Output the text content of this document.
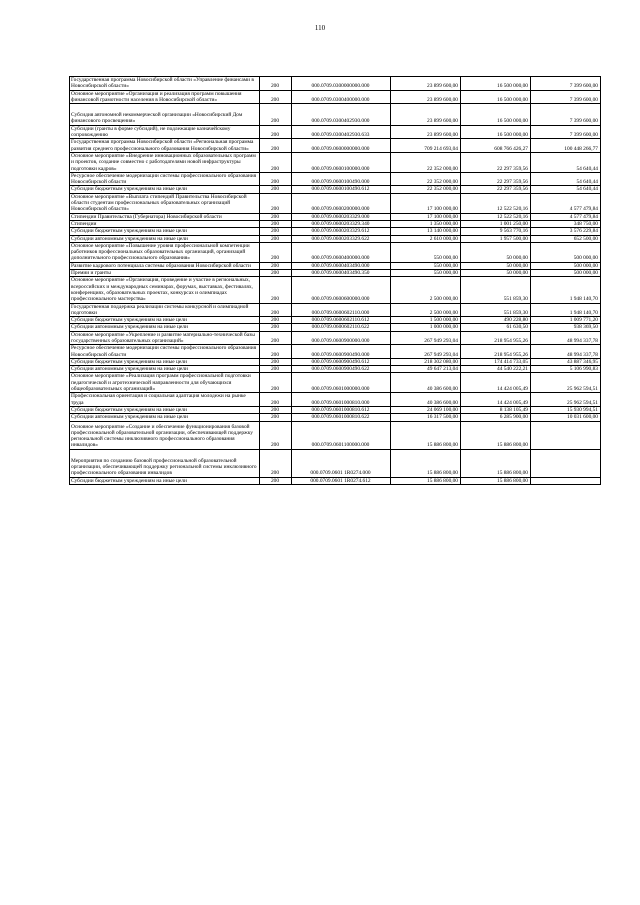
110
Государственная программа Новосибирской области «Управление финансами в Новосибирской области»	200	000.0709.0300000000.000	23 899 600,00	16 500 000,00	7 399 600,00
Основное мероприятие «Организация и реализация программ повышения финансовой грамотности населения в Новосибирской области»	200	000.0709.0300400000.000	23 899 600,00	16 500 000,00	7 399 600,00
Субсидия автономной некоммерческой организации «Новосибирский Дом финансового просвещения»	200	000.0709.0300402930.000	23 899 600,00	16 500 000,00	7 399 600,00
Субсидии (гранты в форме субсидий), не подлежащие казначейскому сопровождению	200	000.0709.0300402930.633	23 899 600,00	16 500 000,00	7 399 600,00
Государственная программа Новосибирской области «Региональная программа развития среднего профессионального образования Новосибирской области»	200	000.0709.0600000000.000	709 214 693,04	608 766 426,27	100 448 266,77
Основное мероприятие «Внедрение инновационных образовательных программ и проектов, создание совместно с работодателями новой инфраструктуры подготовки кадров»	200	000.0709.0600100000.000	22 352 000,00	22 297 359,56	54 640,44
Ресурсное обеспечение модернизации системы профессионального образования Новосибирской области	200	000.0709.0600100490.000	22 352 000,00	22 297 359,56	54 640,44
Субсидии бюджетным учреждениям на иные цели	200	000.0709.0600100490.612	22 352 000,00	22 297 359,56	54 640,44
Основное мероприятие «Выплата стипендий Правительства Новосибирской области студентам профессиональных образовательных организаций Новосибирской области»	200	000.0709.0600200000.000	17 100 000,00	12 522 520,16	4 577 479,84
Стипендии Правительства (Губернатора) Новосибирской области	200	000.0709.0600203329.000	17 100 000,00	12 522 520,16	4 577 479,84
Стипендии	200	000.0709.0600203329.340	1 350 000,00	1 001 250,00	348 750,00
Субсидии бюджетным учреждениям на иные цели	200	000.0709.0600203329.612	13 140 000,00	9 563 770,16	3 576 229,84
Субсидии автономным учреждениям на иные цели	200	000.0709.0600203329.622	2 610 000,00	1 957 500,00	652 500,00
Основное мероприятие «Повышение уровня профессиональной компетенции работников профессиональных образовательных организаций, организаций дополнительного профессионального образования»	200	000.0709.0600400000.000	550 000,00	50 000,00	500 000,00
Развитие кадрового потенциала системы образования Новосибирской области	200	000.0709.0600403490.000	550 000,00	50 000,00	500 000,00
Премии и гранты	200	000.0709.0600403490.350	550 000,00	50 000,00	500 000,00
Основное мероприятие «Организация, проведение и участие в региональных, всероссийских и международных семинарах, форумах, выставках, фестивалях, конференциях, образовательных проектах, конкурсах и олимпиадах профессионального мастерства»	200	000.0709.0600600000.000	2 500 000,00	551 859,30	1 948 140,70
Государственная поддержка реализации системы конкурсной и олимпиадной подготовки	200	000.0709.0600602110.000	2 500 000,00	551 859,30	1 948 140,70
Субсидии бюджетным учреждениям на иные цели	200	000.0709.0600602110.612	1 500 000,00	490 228,80	1 009 771,20
Субсидии автономным учреждениям на иные цели	200	000.0709.0600602110.622	1 000 000,00	61 630,50	938 369,50
Основное мероприятие «Укрепление и развитие материально-технической базы государственных образовательных организаций»	200	000.0709.0600900000.000	267 949 293,04	218 954 955,26	48 994 337,78
Ресурсное обеспечение модернизации системы профессионального образования Новосибирской области	200	000.0709.0600900490.000	267 949 293,04	218 954 955,26	48 994 337,78
Субсидии бюджетным учреждениям на иные цели	200	000.0709.0600900490.612	218 302 080,00	174 414 733,05	43 887 346,95
Субсидии автономным учреждениям на иные цели	200	000.0709.0600900490.622	49 647 213,04	44 540 222,21	5 106 990,83
Основное мероприятие «Реализация программ профессиональной подготовки педагогической и агротехнической направленности для обучающихся общеобразовательных организаций»	200	000.0709.0601000000.000	40 386 600,00	14 424 005,49	25 962 594,51
Профессиональная ориентация и социальная адаптация молодежи на рынке труда	200	000.0709.0601000810.000	40 386 600,00	14 424 005,49	25 962 594,51
Субсидии бюджетным учреждениям на иные цели	200	000.0709.0601000810.612	24 069 100,00	8 138 105,49	15 930 994,51
Субсидии автономным учреждениям на иные цели	200	000.0709.0601000810.622	16 317 500,00	6 285 900,00	10 031 600,00
Основное мероприятие «Создание и обеспечение функционирования базовой профессиональной образовательной организации, обеспечивающей поддержку региональной системы инклюзивного профессионального образования инвалидов»	200	000.0709.0601100000.000	15 886 800,00	15 886 800,00	
Мероприятия по созданию базовой профессиональной образовательной организации, обеспечивающей поддержку региональной системы инклюзивного профессионального образования инвалидов	200	000.0709.0601 1R0274.000	15 886 800,00	15 886 800,00	
Субсидии бюджетным учреждениям на иные цели	200	000.0709.0601 1R0274.612	15 886 800,00	15 886 800,00	
